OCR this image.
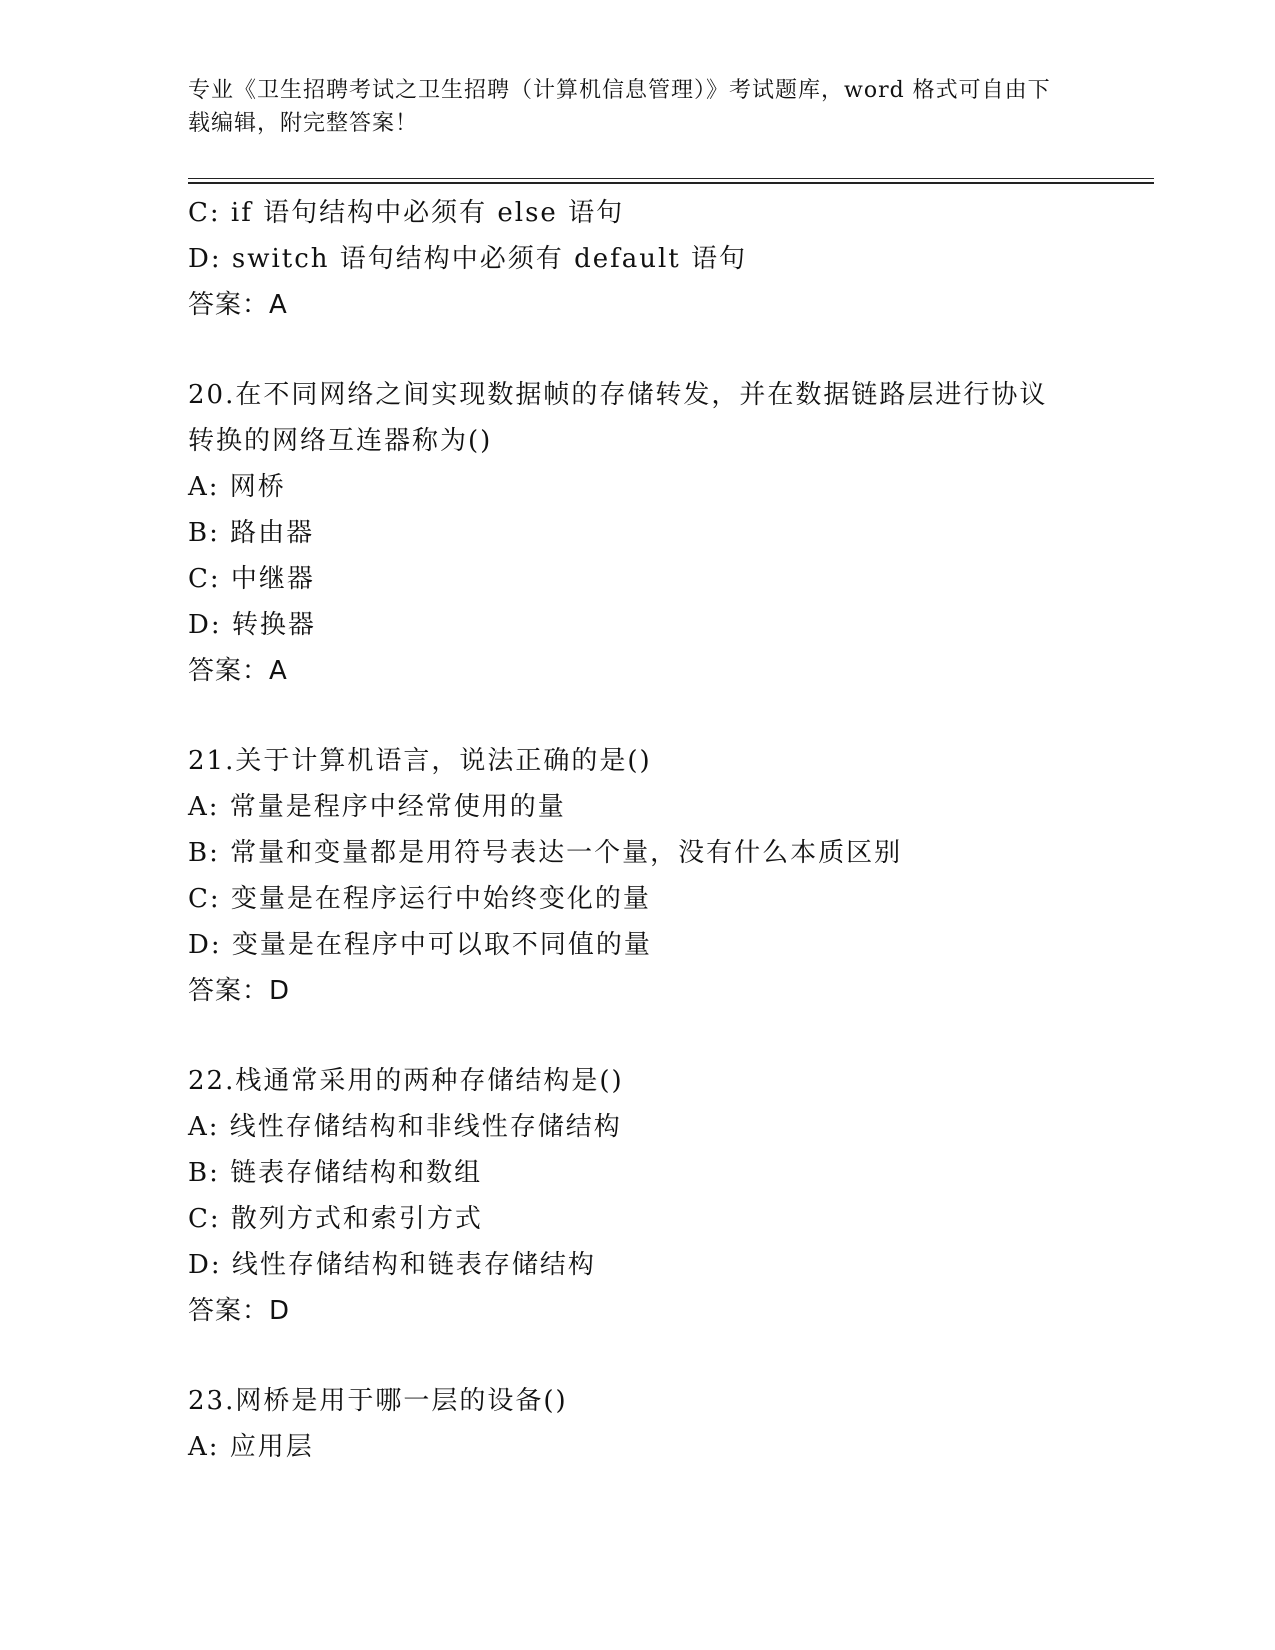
专业《卫生招聘考试之卫生招聘（计算机信息管理）》考试题库，word 格式可自由下载编辑，附完整答案！
C: if 语句结构中必须有 else 语句
D: switch 语句结构中必须有 default 语句
答案：A
20.在不同网络之间实现数据帧的存储转发，并在数据链路层进行协议
转换的网络互连器称为()
A: 网桥
B: 路由器
C: 中继器
D: 转换器
答案：A
21.关于计算机语言，说法正确的是()
A: 常量是程序中经常使用的量
B: 常量和变量都是用符号表达一个量，没有什么本质区别
C: 变量是在程序运行中始终变化的量
D: 变量是在程序中可以取不同值的量
答案：D
22.栈通常采用的两种存储结构是()
A: 线性存储结构和非线性存储结构
B: 链表存储结构和数组
C: 散列方式和索引方式
D: 线性存储结构和链表存储结构
答案：D
23.网桥是用于哪一层的设备()
A: 应用层
